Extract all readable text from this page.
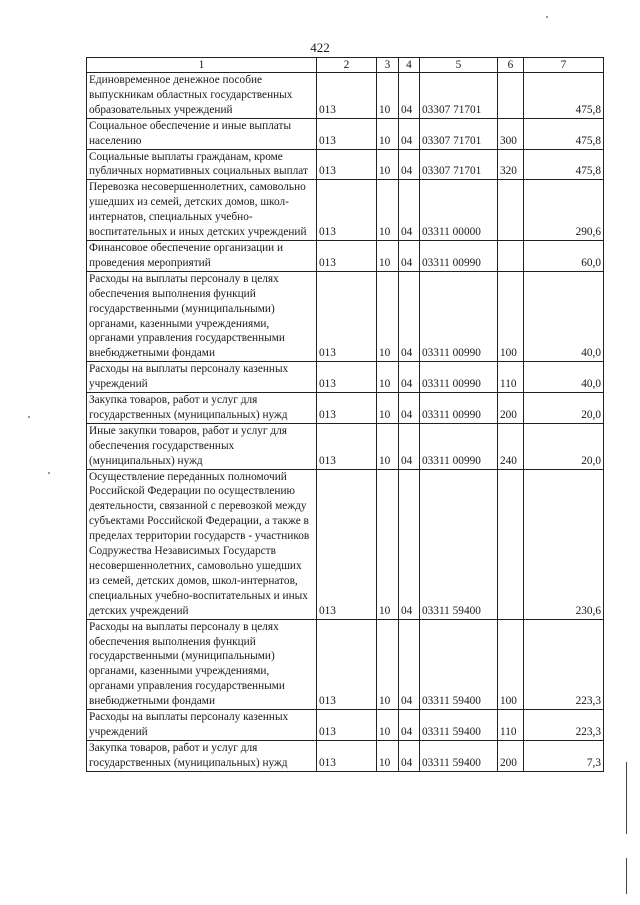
422
1	2	3	4	5	6	7
Единовременное денежное пособие выпускникам областных государственных образовательных учреждений	013	10	04	03307 71701		475,8
Социальное обеспечение и иные выплаты населению	013	10	04	03307 71701	300	475,8
Социальные выплаты гражданам, кроме публичных нормативных социальных выплат	013	10	04	03307 71701	320	475,8
Перевозка несовершеннолетних, самовольно ушедших из семей, детских домов, школ-интернатов, специальных учебно-воспитательных и иных детских учреждений	013	10	04	03311 00000		290,6
Финансовое обеспечение организации и проведения мероприятий	013	10	04	03311 00990		60,0
Расходы на выплаты персоналу в целях обеспечения выполнения функций государственными (муниципальными) органами, казенными учреждениями, органами управления государственными внебюджетными фондами	013	10	04	03311 00990	100	40,0
Расходы на выплаты персоналу казенных учреждений	013	10	04	03311 00990	110	40,0
Закупка товаров, работ и услуг для государственных (муниципальных) нужд	013	10	04	03311 00990	200	20,0
Иные закупки товаров, работ и услуг для обеспечения государственных (муниципальных) нужд	013	10	04	03311 00990	240	20,0
Осуществление переданных полномочий Российской Федерации по осуществлению деятельности, связанной с перевозкой между субъектами Российской Федерации, а также в пределах территории государств - участников Содружества Независимых Государств несовершеннолетних, самовольно ушедших из семей, детских домов, школ-интернатов, специальных учебно-воспитательных и иных детских учреждений	013	10	04	03311 59400		230,6
Расходы на выплаты персоналу в целях обеспечения выполнения функций государственными (муниципальными) органами, казенными учреждениями, органами управления государственными внебюджетными фондами	013	10	04	03311 59400	100	223,3
Расходы на выплаты персоналу казенных учреждений	013	10	04	03311 59400	110	223,3
Закупка товаров, работ и услуг для государственных (муниципальных) нужд	013	10	04	03311 59400	200	7,3
